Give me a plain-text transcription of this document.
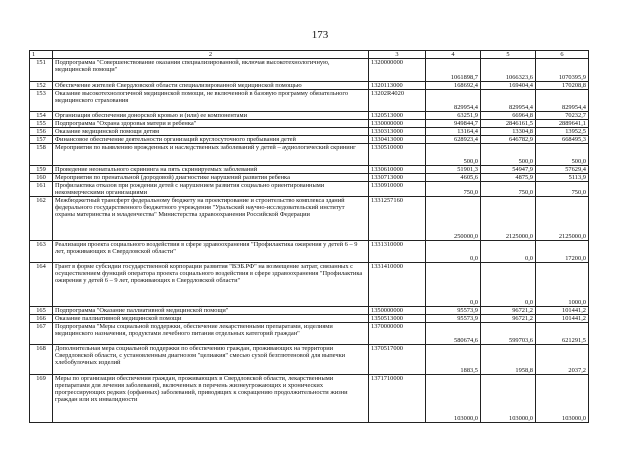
173
1	2	3	4	5	6
151	Подпрограмма "Совершенствование оказания специализированной, включая высокотехнологичную, медицинской помощи"	1320000000	1061898,7	1066323,6	1070395,9
152	Обеспечение жителей Свердловской области специализированной медицинской помощью	1320113000	168692,4	169404,4	170208,8
153	Оказание высокотехнологичной медицинской помощи, не включенной в базовую программу обязательного медицинского страхования	13202R4020	829954,4	829954,4	829954,4
154	Организация обеспечения донорской кровью и (или) ее компонентами	1320513000	63251,9	66964,8	70232,7
155	Подпрограмма "Охрана здоровья матери и ребенка"	1330000000	949844,7	2846161,5	2889641,1
156	Оказание медицинской помощи детям	1330313000	13164,4	13304,8	13952,5
157	Финансовое обеспечение деятельности организаций круглосуточного пребывания детей	1330413000	628923,4	646782,9	668495,3
158	Мероприятия по выявлению врожденных и наследственных заболеваний у детей – аудиологический скрининг	1330510000	500,0	500,0	500,0
159	Проведение неонатального скрининга на пять скринируемых заболеваний	1330610000	51901,3	54947,9	57629,4
160	Мероприятия по пренатальной (дородовой) диагностике нарушений развития ребенка	1330713000	4605,6	4875,9	5113,9
161	Профилактика отказов при рождении детей с нарушением развития социально ориентированными некоммерческими организациями	1330910000	750,0	750,0	750,0
162	Межбюджетный трансферт федеральному бюджету на проектирование и строительство комплекса зданий федерального государственного бюджетного учреждения "Уральский научно-исследовательский институт охраны материнства и младенчества" Министерства здравоохранения Российской Федерации	1331257160	250000,0	2125000,0	2125000,0
163	Реализация проекта социального воздействия в сфере здравоохранения "Профилактика ожирения у детей 6 – 9 лет, проживающих в Свердловской области"	1331310000	0,0	0,0	17200,0
164	Грант в форме субсидии государственной корпорации развития "ВЭБ.РФ" на возмещение затрат, связанных с осуществлением функций оператора проекта социального воздействия в сфере здравоохранения "Профилактика ожирения у детей 6 – 9 лет, проживающих в Свердловской области"	1331410000	0,0	0,0	1000,0
165	Подпрограмма "Оказание паллиативной медицинской помощи"	1350000000	95573,9	96721,2	101441,2
166	Оказание паллиативной медицинской помощи	1350513000	95573,9	96721,2	101441,2
167	Подпрограмма "Меры социальной поддержки, обеспечение лекарственными препаратами, изделиями медицинского назначения, продуктами лечебного питания отдельных категорий граждан"	1370000000	580674,6	599703,6	621291,5
168	Дополнительная мера социальной поддержки по обеспечению граждан, проживающих на территории Свердловской области, с установленным диагнозом "целиакия" смесью сухой безглютеновой для выпечки хлебобулочных изделий	1370517000	1883,5	1958,8	2037,2
169	Меры по организации обеспечения граждан, проживающих в Свердловской области, лекарственными препаратами для лечения заболеваний, включенных в перечень жизнеугрожающих и хронических прогрессирующих редких (орфанных) заболеваний, приводящих к сокращению продолжительности жизни граждан или их инвалидности	1371710000	103000,0	103000,0	103000,0
